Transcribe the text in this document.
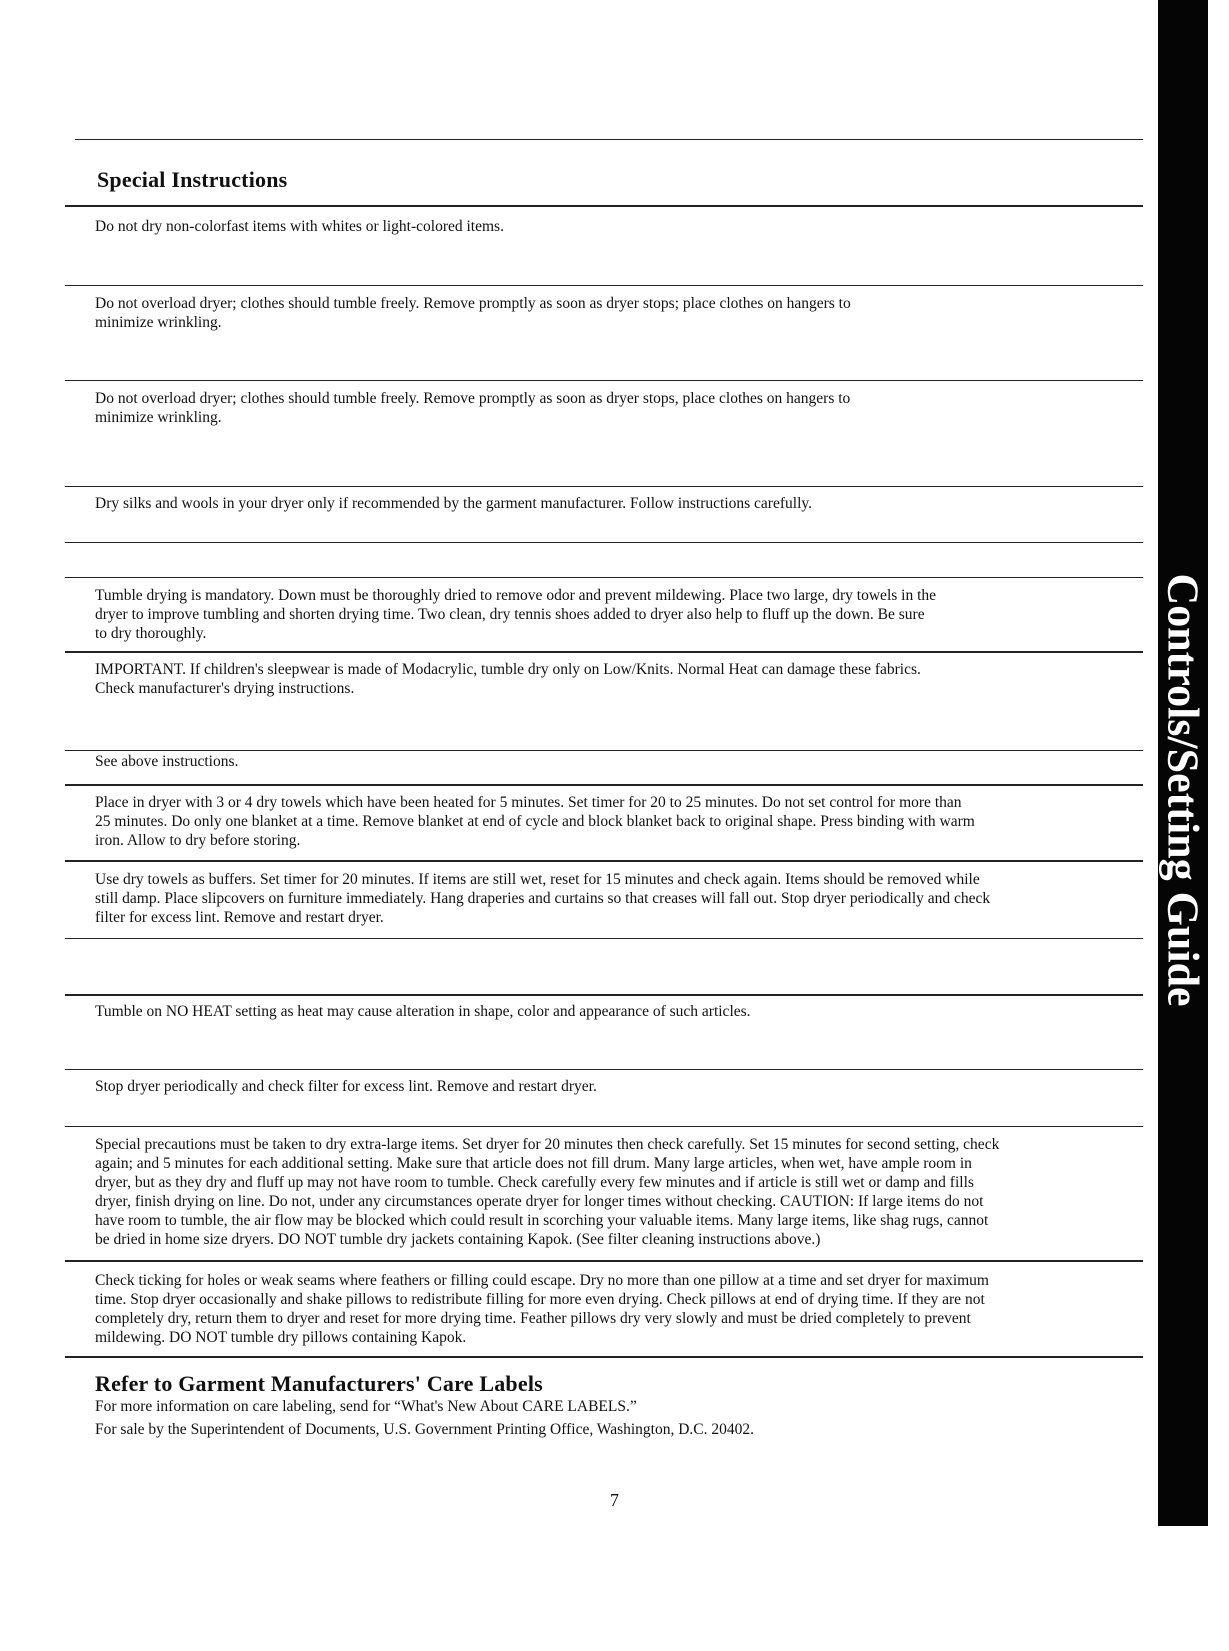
Controls/Setting Guide
Special Instructions
Do not dry non-colorfast items with whites or light-colored items.
Do not overload dryer; clothes should tumble freely. Remove promptly as soon as dryer stops; place clothes on hangers to
minimize wrinkling.
Do not overload dryer; clothes should tumble freely. Remove promptly as soon as dryer stops, place clothes on hangers to
minimize wrinkling.
Dry silks and wools in your dryer only if recommended by the garment manufacturer. Follow instructions carefully.
Tumble drying is mandatory. Down must be thoroughly dried to remove odor and prevent mildewing. Place two large, dry towels in the
dryer to improve tumbling and shorten drying time. Two clean, dry tennis shoes added to dryer also help to fluff up the down. Be sure
to dry thoroughly.
IMPORTANT. If children's sleepwear is made of Modacrylic, tumble dry only on Low/Knits. Normal Heat can damage these fabrics.
Check manufacturer's drying instructions.
See above instructions.
Place in dryer with 3 or 4 dry towels which have been heated for 5 minutes. Set timer for 20 to 25 minutes. Do not set control for more than
25 minutes. Do only one blanket at a time. Remove blanket at end of cycle and block blanket back to original shape. Press binding with warm
iron. Allow to dry before storing.
Use dry towels as buffers. Set timer for 20 minutes. If items are still wet, reset for 15 minutes and check again. Items should be removed while
still damp. Place slipcovers on furniture immediately. Hang draperies and curtains so that creases will fall out. Stop dryer periodically and check
filter for excess lint. Remove and restart dryer.
Tumble on NO HEAT setting as heat may cause alteration in shape, color and appearance of such articles.
Stop dryer periodically and check filter for excess lint. Remove and restart dryer.
Special precautions must be taken to dry extra-large items. Set dryer for 20 minutes then check carefully. Set 15 minutes for second setting, check
again; and 5 minutes for each additional setting. Make sure that article does not fill drum. Many large articles, when wet, have ample room in
dryer, but as they dry and fluff up may not have room to tumble. Check carefully every few minutes and if article is still wet or damp and fills
dryer, finish drying on line. Do not, under any circumstances operate dryer for longer times without checking. CAUTION: If large items do not
have room to tumble, the air flow may be blocked which could result in scorching your valuable items. Many large items, like shag rugs, cannot
be dried in home size dryers. DO NOT tumble dry jackets containing Kapok. (See filter cleaning instructions above.)
Check ticking for holes or weak seams where feathers or filling could escape. Dry no more than one pillow at a time and set dryer for maximum
time. Stop dryer occasionally and shake pillows to redistribute filling for more even drying. Check pillows at end of drying time. If they are not
completely dry, return them to dryer and reset for more drying time. Feather pillows dry very slowly and must be dried completely to prevent
mildewing. DO NOT tumble dry pillows containing Kapok.
Refer to Garment Manufacturers' Care Labels

For more information on care labeling, send for “What's New About CARE LABELS.”

For sale by the Superintendent of Documents, U.S. Government Printing Office, Washington, D.C. 20402.

7
